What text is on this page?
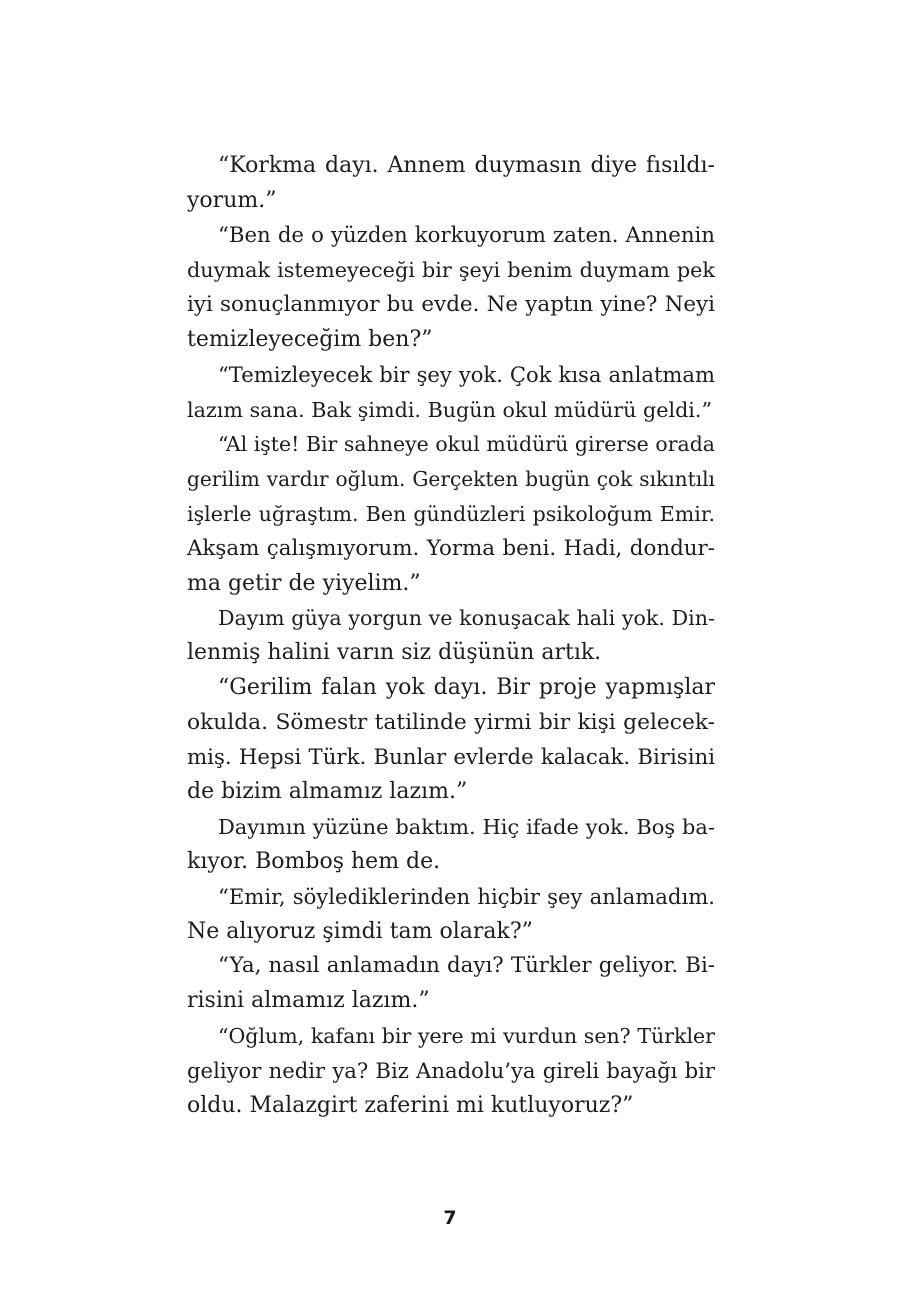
“Korkma dayı. Annem duymasın diye fısıldı-
yorum.”
“Ben de o yüzden korkuyorum zaten. Annenin
duymak istemeyeceği bir şeyi benim duymam pek
iyi sonuçlanmıyor bu evde. Ne yaptın yine? Neyi
temizleyeceğim ben?”
“Temizleyecek bir şey yok. Çok kısa anlatmam
lazım sana. Bak şimdi. Bugün okul müdürü geldi.”
“Al işte! Bir sahneye okul müdürü girerse orada
gerilim vardır oğlum. Gerçekten bugün çok sıkıntılı
işlerle uğraştım. Ben gündüzleri psikoloğum Emir.
Akşam çalışmıyorum. Yorma beni. Hadi, dondur-
ma getir de yiyelim.”
Dayım güya yorgun ve konuşacak hali yok. Din-
lenmiş halini varın siz düşünün artık.
“Gerilim falan yok dayı. Bir proje yapmışlar
okulda. Sömestr tatilinde yirmi bir kişi gelecek-
miş. Hepsi Türk. Bunlar evlerde kalacak. Birisini
de bizim almamız lazım.”
Dayımın yüzüne baktım. Hiç ifade yok. Boş ba-
kıyor. Bomboş hem de.
“Emir, söylediklerinden hiçbir şey anlamadım.
Ne alıyoruz şimdi tam olarak?”
“Ya, nasıl anlamadın dayı? Türkler geliyor. Bi-
risini almamız lazım.”
“Oğlum, kafanı bir yere mi vurdun sen? Türkler
geliyor nedir ya? Biz Anadolu’ya gireli bayağı bir
oldu. Malazgirt zaferini mi kutluyoruz?”
7
